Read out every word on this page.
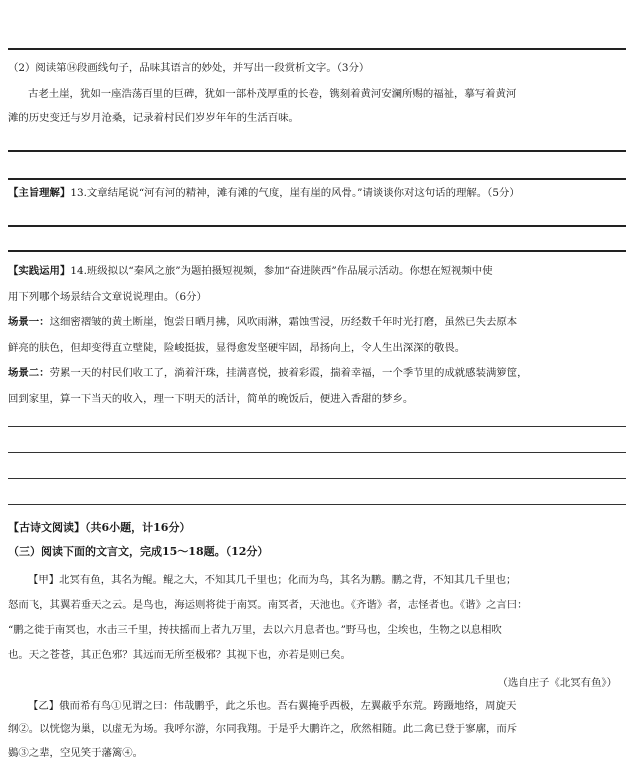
（2）阅读第⑭段画线句子，品味其语言的妙处，并写出一段赏析文字。（3分）
古老土崖，犹如一座浩荡百里的巨碑，犹如一部朴茂厚重的长卷，镌刻着黄河安澜所赐的福祉，摹写着黄河
滩的历史变迁与岁月沧桑，记录着村民们岁岁年年的生活百味。
【主旨理解】13.文章结尾说“河有河的精神，滩有滩的气度，崖有崖的风骨。”请谈谈你对这句话的理解。（5分）
【实践运用】14.班级拟以“秦风之旅”为题拍摄短视频，参加“奋进陕西”作品展示活动。你想在短视频中使
用下列哪个场景结合文章说说理由。（6分）
场景一：这细密褶皱的黄土断崖，饱尝日晒月拂，风吹雨淋，霜蚀雪浸，历经数千年时光打磨，虽然已失去原本
鲜亮的肤色，但却变得直立壁陡，险峻挺拔，显得愈发坚硬牢固，昂扬向上，令人生出深深的敬畏。
场景二：劳累一天的村民们收工了，淌着汗珠，挂满喜悦，披着彩霞，揣着幸福，一个季节里的成就感装满箩筐，
回到家里，算一下当天的收入，理一下明天的活计，简单的晚饭后，便进入香甜的梦乡。
【古诗文阅读】（共6小题，计16分）
（三）阅读下面的文言文，完成15～18题。（12分）
【甲】北冥有鱼，其名为鲲。鲲之大，不知其几千里也；化而为鸟，其名为鹏。鹏之背，不知其几千里也；
怒而飞，其翼若垂天之云。是鸟也，海运则将徙于南冥。南冥者，天池也。《齐谐》者，志怪者也。《谐》之言曰：
“鹏之徙于南冥也，水击三千里，抟扶摇而上者九万里，去以六月息者也。”野马也，尘埃也，生物之以息相吹
也。天之苍苍，其正色邪？其远而无所至极邪？其视下也，亦若是则已矣。
（选自庄子《北冥有鱼》）
【乙】俄而希有鸟①见谓之曰：伟哉鹏乎，此之乐也。吾右翼掩乎西极，左翼蔽乎东荒。跨蹑地络，周旋天
纲②。以恍惚为巢，以虚无为场。我呼尔游，尔同我翔。于是乎大鹏许之，欣然相随。此二禽已登于寥廓，而斥
鷃③之辈，空见笑于藩篱④。
